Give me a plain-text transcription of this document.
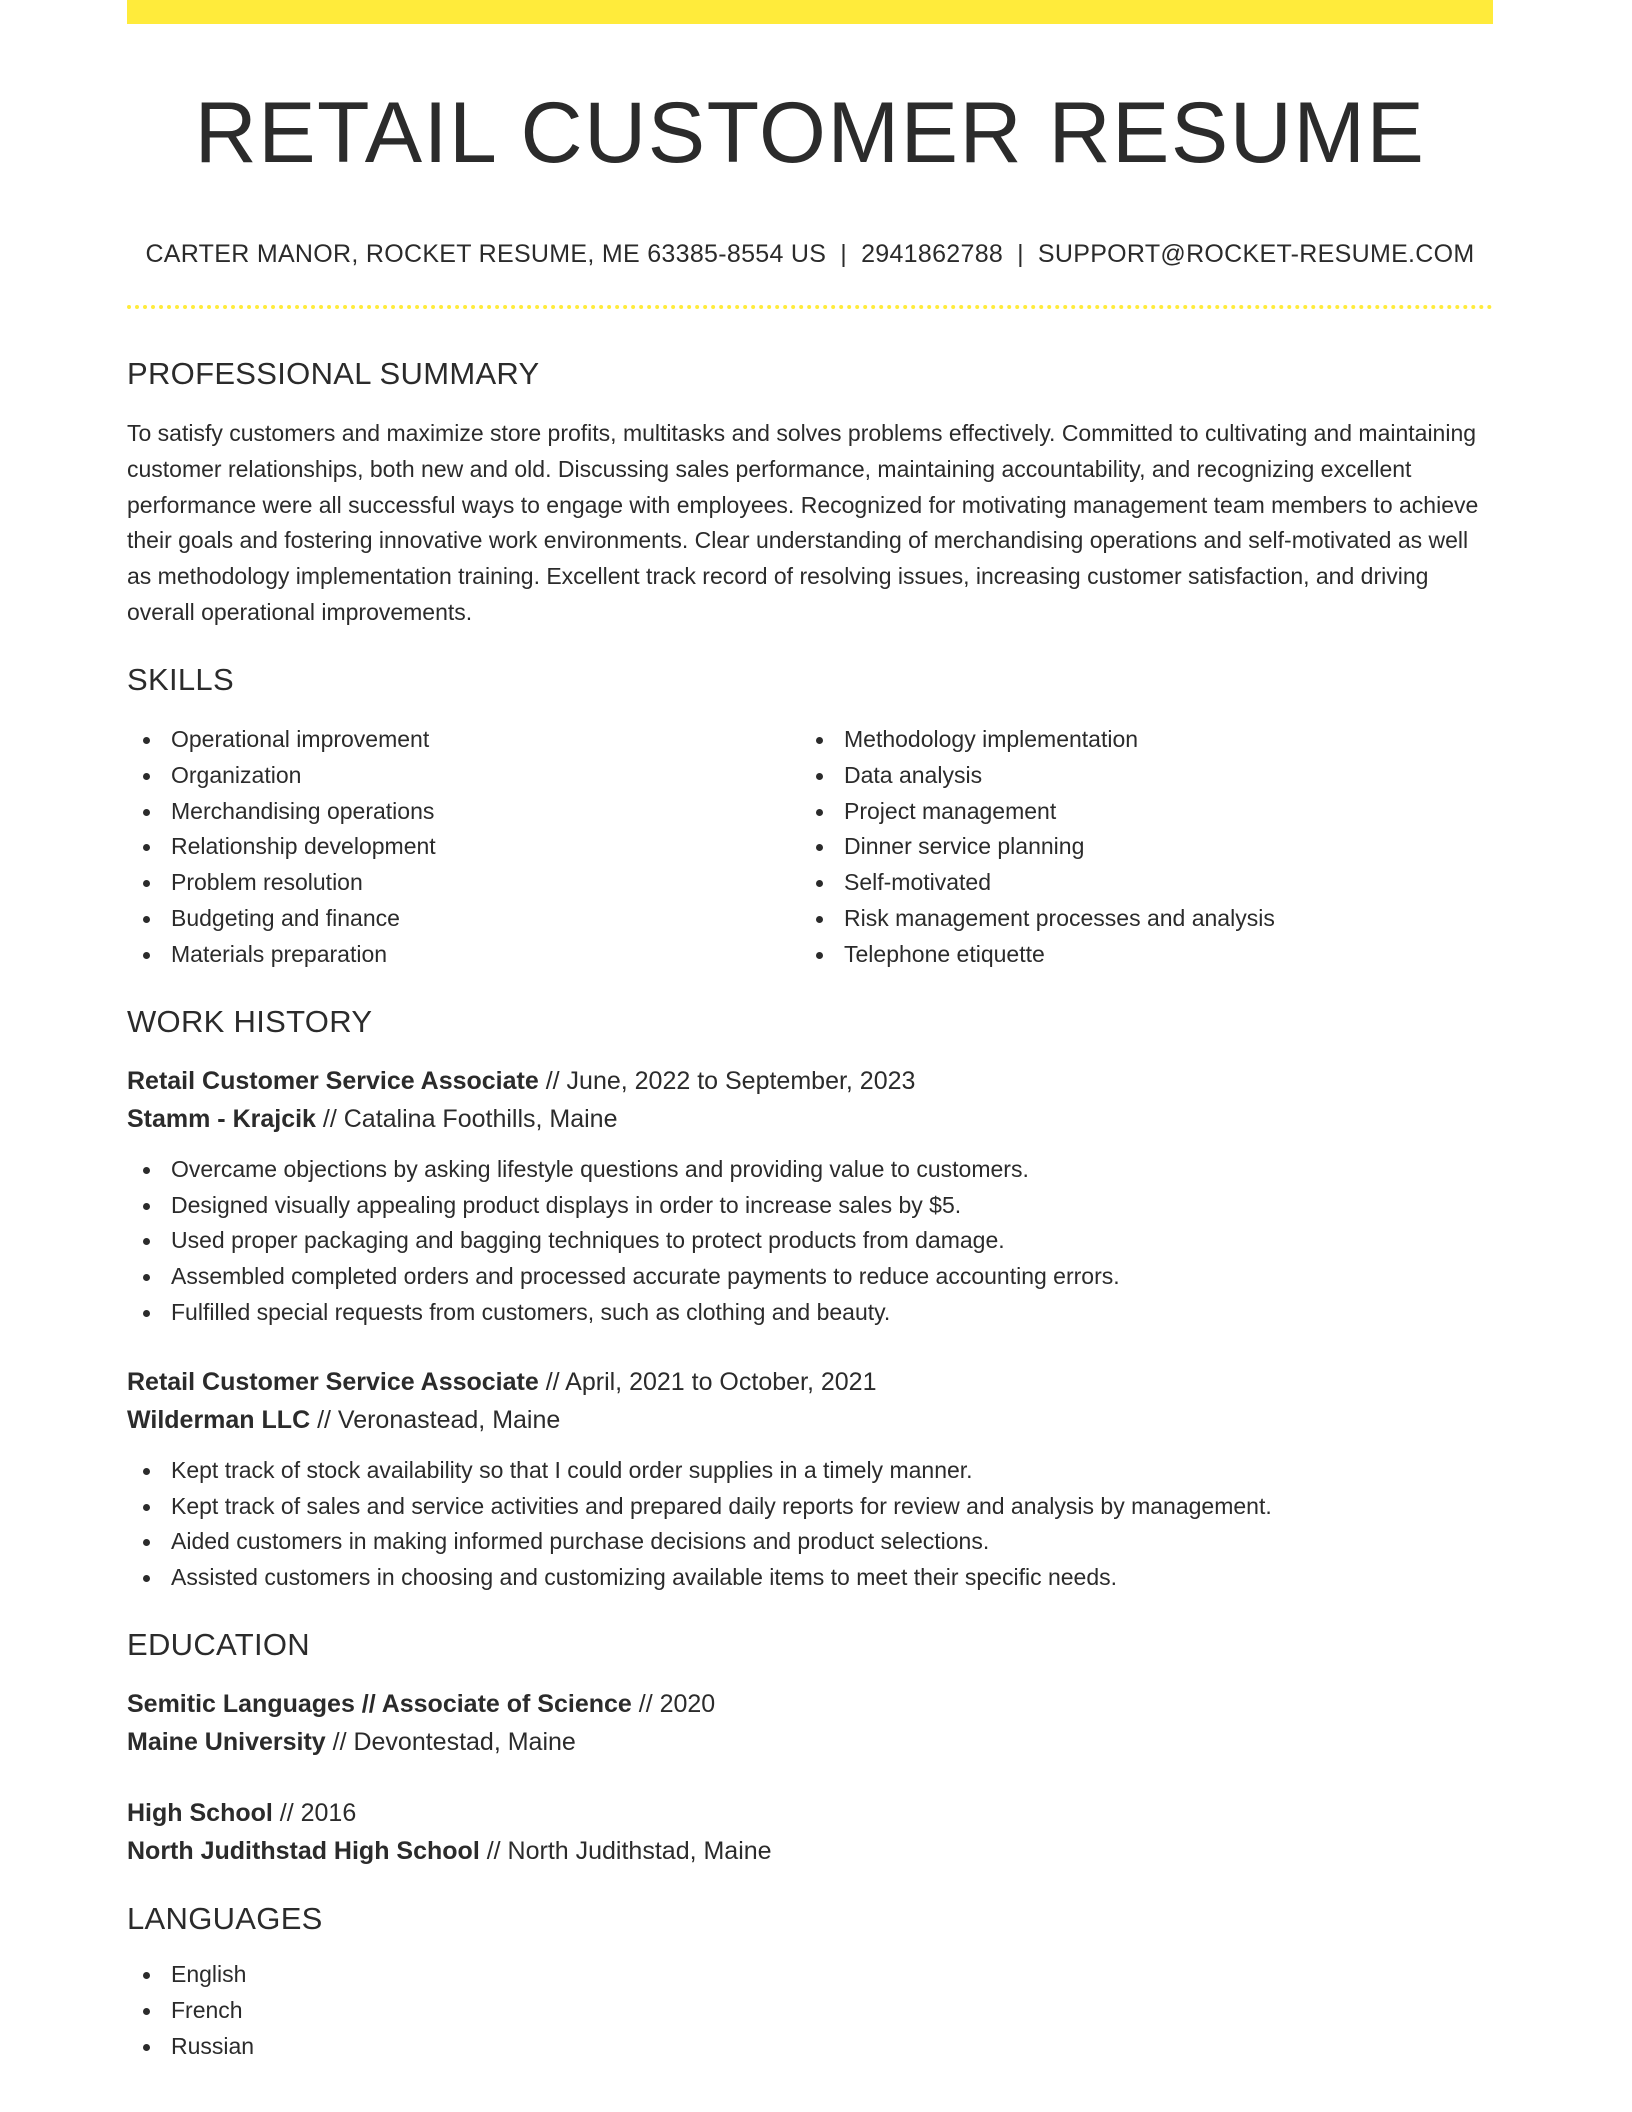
RETAIL CUSTOMER RESUME
CARTER MANOR, ROCKET RESUME, ME 63385-8554 US | 2941862788 | SUPPORT@ROCKET-RESUME.COM
PROFESSIONAL SUMMARY

To satisfy customers and maximize store profits, multitasks and solves problems effectively. Committed to cultivating and maintaining customer relationships, both new and old. Discussing sales performance, maintaining accountability, and recognizing excellent performance were all successful ways to engage with employees. Recognized for motivating management team members to achieve their goals and fostering innovative work environments. Clear understanding of merchandising operations and self-motivated as well as methodology implementation training. Excellent track record of resolving issues, increasing customer satisfaction, and driving overall operational improvements.

SKILLS
Operational improvement
Organization
Merchandising operations
Relationship development
Problem resolution
Budgeting and finance
Materials preparation
Methodology implementation
Data analysis
Project management
Dinner service planning
Self-motivated
Risk management processes and analysis
Telephone etiquette
WORK HISTORY
Retail Customer Service Associate // June, 2022 to September, 2023
Stamm - Krajcik // Catalina Foothills, Maine
Overcame objections by asking lifestyle questions and providing value to customers.
Designed visually appealing product displays in order to increase sales by $5.
Used proper packaging and bagging techniques to protect products from damage.
Assembled completed orders and processed accurate payments to reduce accounting errors.
Fulfilled special requests from customers, such as clothing and beauty.
Retail Customer Service Associate // April, 2021 to October, 2021
Wilderman LLC // Veronastead, Maine
Kept track of stock availability so that I could order supplies in a timely manner.
Kept track of sales and service activities and prepared daily reports for review and analysis by management.
Aided customers in making informed purchase decisions and product selections.
Assisted customers in choosing and customizing available items to meet their specific needs.
EDUCATION
Semitic Languages // Associate of Science // 2020
Maine University // Devontestad, Maine
High School // 2016
North Judithstad High School // North Judithstad, Maine
LANGUAGES
English
French
Russian
